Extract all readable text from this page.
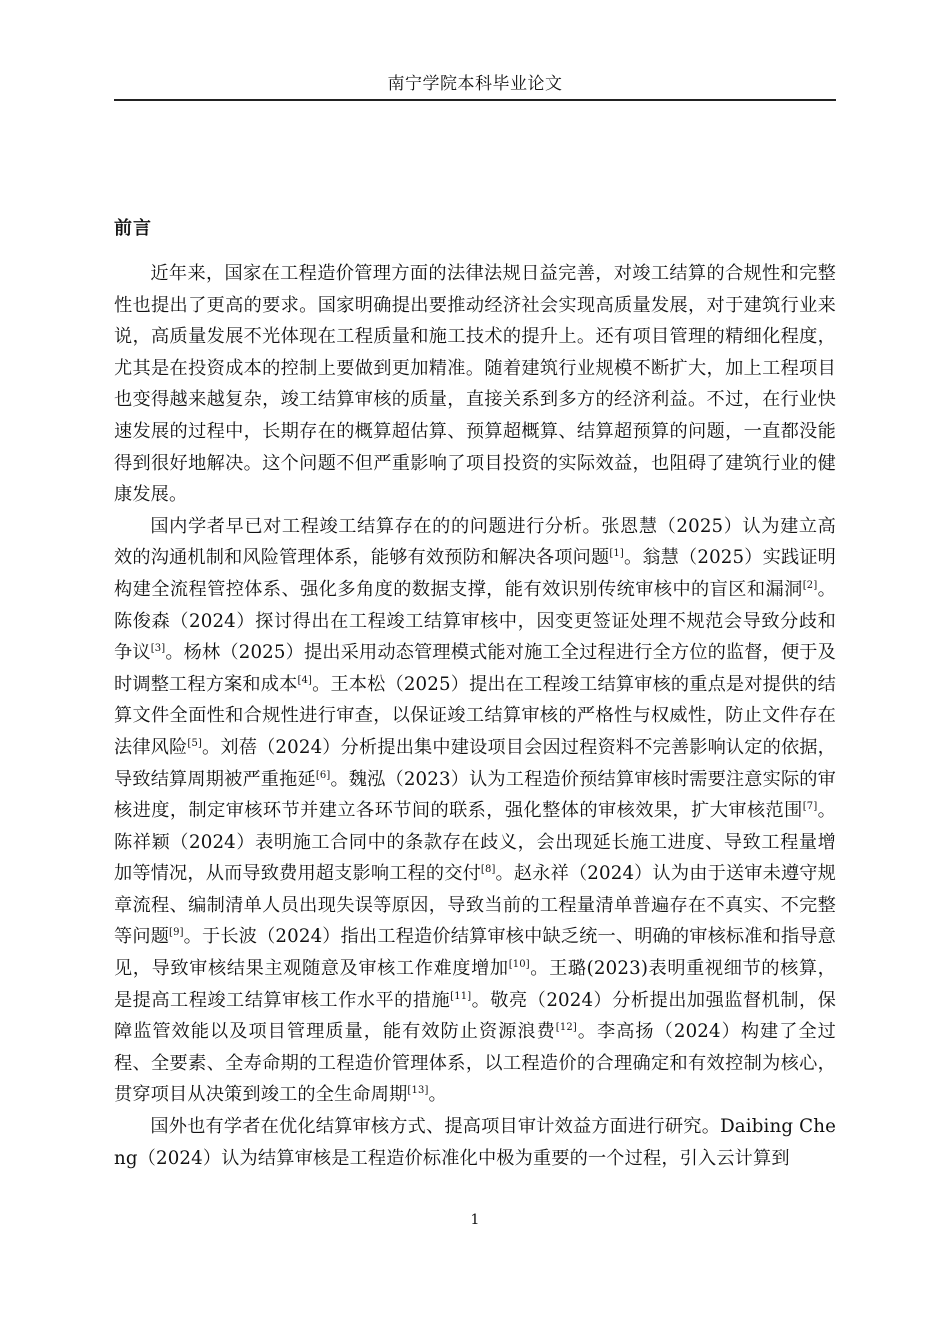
南宁学院本科毕业论文
前言

近年来，国家在工程造价管理方面的法律法规日益完善，对竣工结算的合规性和完整性也提出了更高的要求。国家明确提出要推动经济社会实现高质量发展，对于建筑行业来说，高质量发展不光体现在工程质量和施工技术的提升上。还有项目管理的精细化程度，尤其是在投资成本的控制上要做到更加精准。随着建筑行业规模不断扩大，加上工程项目也变得越来越复杂，竣工结算审核的质量，直接关系到多方的经济利益。不过，在行业快速发展的过程中，长期存在的概算超估算、预算超概算、结算超预算的问题，一直都没能得到很好地解决。这个问题不但严重影响了项目投资的实际效益，也阻碍了建筑行业的健康发展。

国内学者早已对工程竣工结算存在的的问题进行分析。张恩慧（2025）认为建立高效的沟通机制和风险管理体系，能够有效预防和解决各项问题[1]。翁慧（2025）实践证明构建全流程管控体系、强化多角度的数据支撑，能有效识别传统审核中的盲区和漏洞[2]。陈俊森（2024）探讨得出在工程竣工结算审核中，因变更签证处理不规范会导致分歧和争议[3]。杨林（2025）提出采用动态管理模式能对施工全过程进行全方位的监督，便于及时调整工程方案和成本[4]。王本松（2025）提出在工程竣工结算审核的重点是对提供的结算文件全面性和合规性进行审查，以保证竣工结算审核的严格性与权威性，防止文件存在法律风险[5]。刘蓓（2024）分析提出集中建设项目会因过程资料不完善影响认定的依据，导致结算周期被严重拖延[6]。魏泓（2023）认为工程造价预结算审核时需要注意实际的审核进度，制定审核环节并建立各环节间的联系，强化整体的审核效果，扩大审核范围[7]。陈祥颖（2024）表明施工合同中的条款存在歧义，会出现延长施工进度、导致工程量增加等情况，从而导致费用超支影响工程的交付[8]。赵永祥（2024）认为由于送审未遵守规章流程、编制清单人员出现失误等原因，导致当前的工程量清单普遍存在不真实、不完整等问题[9]。于长波（2024）指出工程造价结算审核中缺乏统一、明确的审核标准和指导意见，导致审核结果主观随意及审核工作难度增加[10]。王璐(2023)表明重视细节的核算，是提高工程竣工结算审核工作水平的措施[11]。敬亮（2024）分析提出加强监督机制，保障监管效能以及项目管理质量，能有效防止资源浪费[12]。李高扬（2024）构建了全过程、全要素、全寿命期的工程造价管理体系，以工程造价的合理确定和有效控制为核心，贯穿项目从决策到竣工的全生命周期[13]。

国外也有学者在优化结算审核方式、提高项目审计效益方面进行研究。Daibing Cheng（2024）认为结算审核是工程造价标准化中极为重要的一个过程，引入云计算到

1
